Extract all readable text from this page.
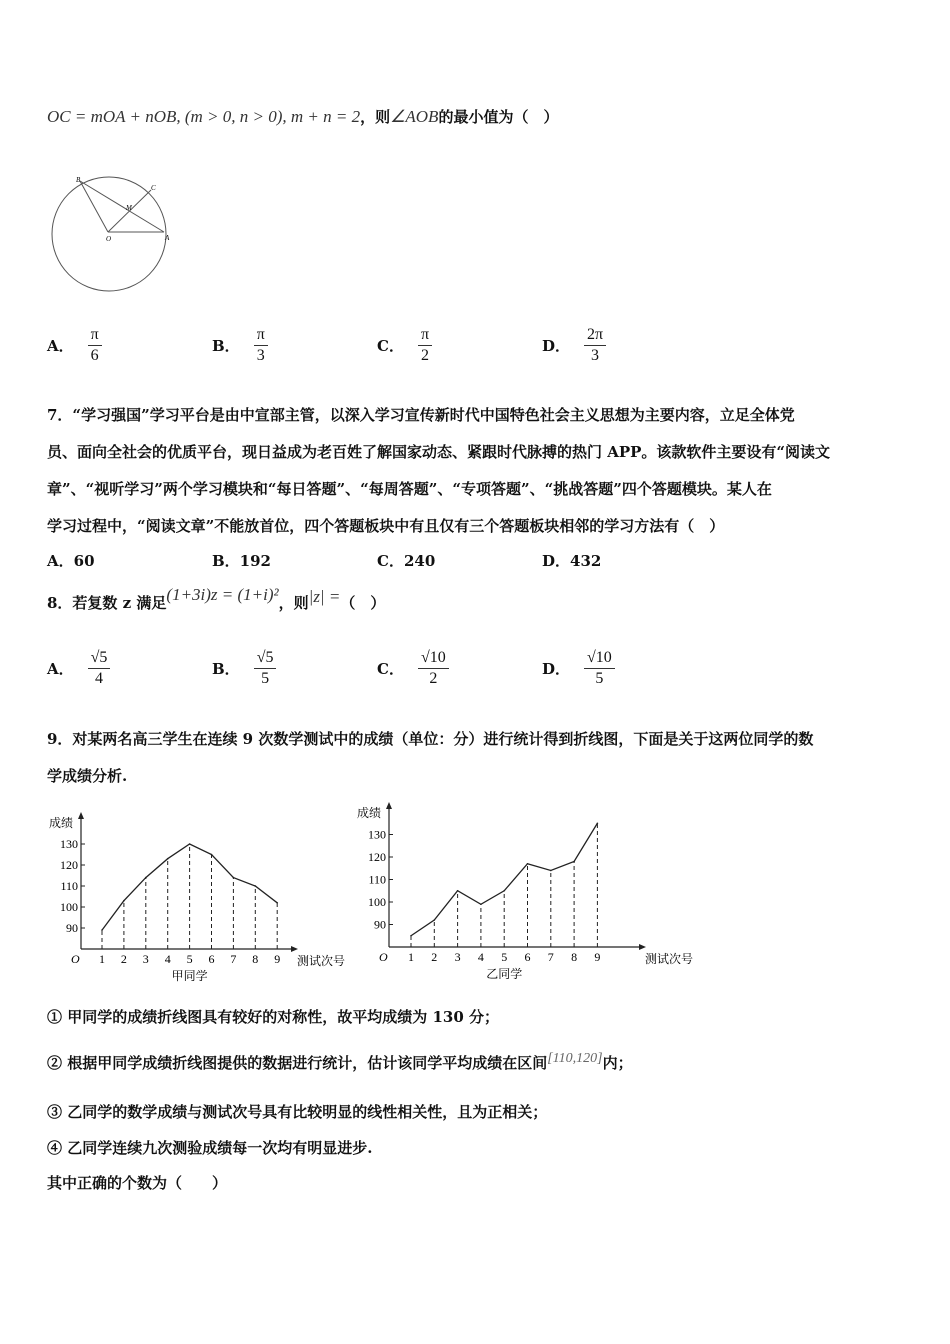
OC = mOA + nOB, (m > 0, n > 0), m + n = 2，则∠AOB的最小值为（　）
O	A
B
C
M
A． $\frac{\pi}{6}$	B． $\frac{\pi}{3}$	C． $\frac{\pi}{2}$	D． $\frac{2\pi}{3}$
7．“学习强国”学习平台是由中宣部主管，以深入学习宣传新时代中国特色社会主义思想为主要内容，立足全体党
员、面向全社会的优质平台，现日益成为老百姓了解国家动态、紧跟时代脉搏的热门 APP。该款软件主要设有“阅读文
章”、“视听学习”两个学习模块和“每日答题”、“每周答题”、“专项答题”、“挑战答题”四个答题模块。某人在
学习过程中，“阅读文章”不能放首位，四个答题板块中有且仅有三个答题板块相邻的学习方法有（　）
A．60	B．192	C．240	D．432
8．若复数 z 满足(1+3i)z = (1+i)²，则|z| =（　）
A． $\frac{√5}{4}$	B． $\frac{√5}{5}$	C． $\frac{√10}{2}$	D． $\frac{√10}{5}$
9．对某两名高三学生在连续 9 次数学测试中的成绩（单位：分）进行统计得到折线图，下面是关于这两位同学的数
学成绩分析.
成绩
O
90
100
110
120
130
1 2 3 4 5 6 7 8 9 测试次号
甲同学
成绩
O
90
100
110
120
130
1 2 3 4 5 6 7 8 9	测试次号
乙同学
① 甲同学的成绩折线图具有较好的对称性，故平均成绩为 130 分；
② 根据甲同学成绩折线图提供的数据进行统计，估计该同学平均成绩在区间[110,120]内；
③ 乙同学的数学成绩与测试次号具有比较明显的线性相关性，且为正相关；
④ 乙同学连续九次测验成绩每一次均有明显进步.
其中正确的个数为（　　）
